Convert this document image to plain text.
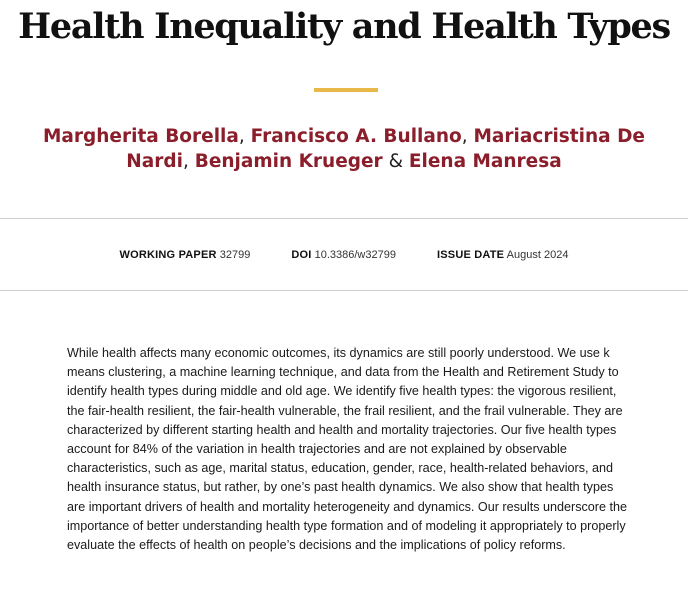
Health Inequality and Health Types
Margherita Borella, Francisco A. Bullano, Mariacristina De Nardi, Benjamin Krueger & Elena Manresa
WORKING PAPER 32799	DOI 10.3386/w32799	ISSUE DATE August 2024

While health affects many economic outcomes, its dynamics are still poorly understood. We use k means clustering, a machine learning technique, and data from the Health and Retirement Study to identify health types during middle and old age. We identify five health types: the vigorous resilient, the fair-health resilient, the fair-health vulnerable, the frail resilient, and the frail vulnerable. They are characterized by different starting health and health and mortality trajectories. Our five health types account for 84% of the variation in health trajectories and are not explained by observable characteristics, such as age, marital status, education, gender, race, health-related behaviors, and health insurance status, but rather, by one’s past health dynamics. We also show that health types are important drivers of health and mortality heterogeneity and dynamics. Our results underscore the importance of better understanding health type formation and of modeling it appropriately to properly evaluate the effects of health on people’s decisions and the implications of policy reforms.
